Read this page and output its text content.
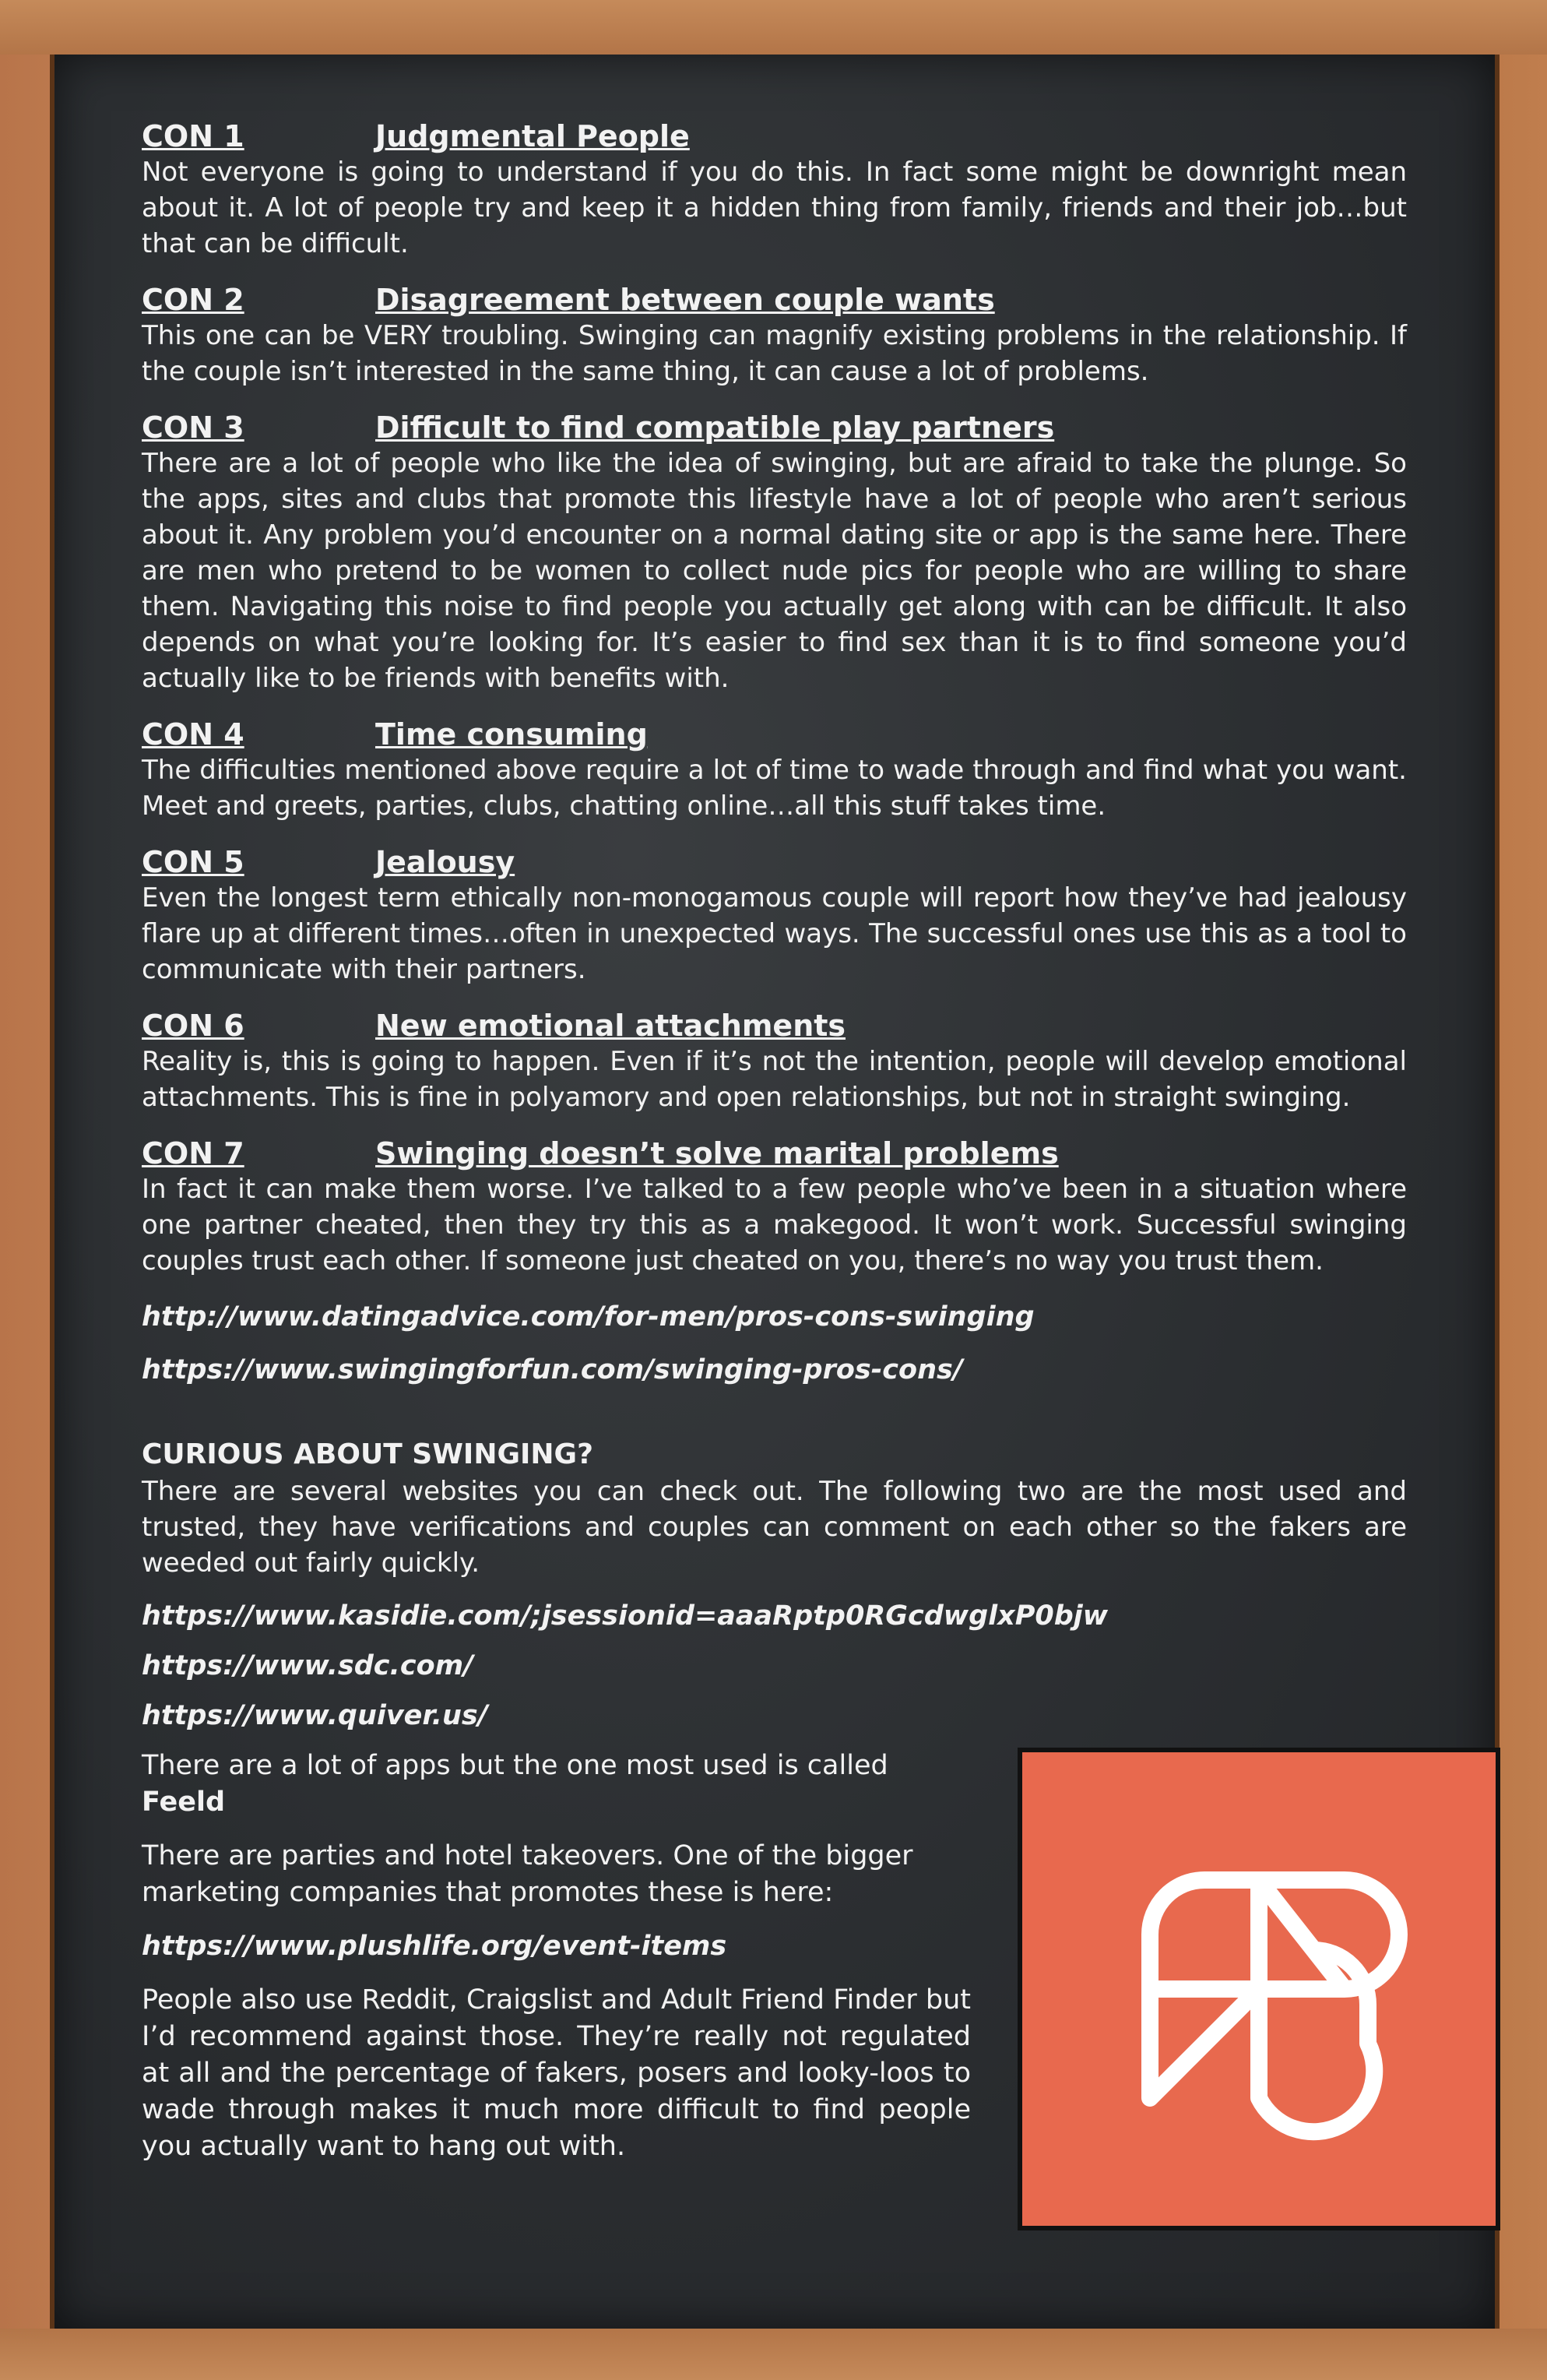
CON 1	Judgmental People

Not everyone is going to understand if you do this. In fact some might be downright mean about it. A lot of people try and keep it a hidden thing from family, friends and their job…but that can be difficult.

CON 2	Disagreement between couple wants

This one can be VERY troubling. Swinging can magnify existing problems in the relationship. If the couple isn’t interested in the same thing, it can cause a lot of problems.

CON 3	Difficult to find compatible play partners

There are a lot of people who like the idea of swinging, but are afraid to take the plunge. So the apps, sites and clubs that promote this lifestyle have a lot of people who aren’t serious about it. Any problem you’d encounter on a normal dating site or app is the same here. There are men who pretend to be women to collect nude pics for people who are willing to share them. Navigating this noise to find people you actually get along with can be difficult. It also depends on what you’re looking for. It’s easier to find sex than it is to find someone you’d actually like to be friends with benefits with.

CON 4	Time consuming

The difficulties mentioned above require a lot of time to wade through and find what you want. Meet and greets, parties, clubs, chatting online…all this stuff takes time.

CON 5	Jealousy

Even the longest term ethically non-monogamous couple will report how they’ve had jealousy flare up at different times…often in unexpected ways. The successful ones use this as a tool to communicate with their partners.

CON 6	New emotional attachments

Reality is, this is going to happen. Even if it’s not the intention, people will develop emotional attachments. This is fine in polyamory and open relationships, but not in straight swinging.

CON 7	Swinging doesn’t solve marital problems

In fact it can make them worse. I’ve talked to a few people who’ve been in a situation where one partner cheated, then they try this as a makegood. It won’t work. Successful swinging couples trust each other. If someone just cheated on you, there’s no way you trust them.

http://www.datingadvice.com/for-men/pros-cons-swinging

https://www.swingingforfun.com/swinging-pros-cons/

CURIOUS ABOUT SWINGING?

There are several websites you can check out. The following two are the most used and trusted, they have verifications and couples can comment on each other so the fakers are weeded out fairly quickly.

https://www.kasidie.com/;jsessionid=aaaRptp0RGcdwglxP0bjw

https://www.sdc.com/

https://www.quiver.us/

There are a lot of apps but the one most used is called
Feeld

There are parties and hotel takeovers. One of the bigger marketing companies that promotes these is here:

https://www.plushlife.org/event-items

People also use Reddit, Craigslist and Adult Friend Finder but I’d recommend against those. They’re really not regulated at all and the percentage of fakers, posers and looky-loos to wade through makes it much more difficult to find people you actually want to hang out with.
